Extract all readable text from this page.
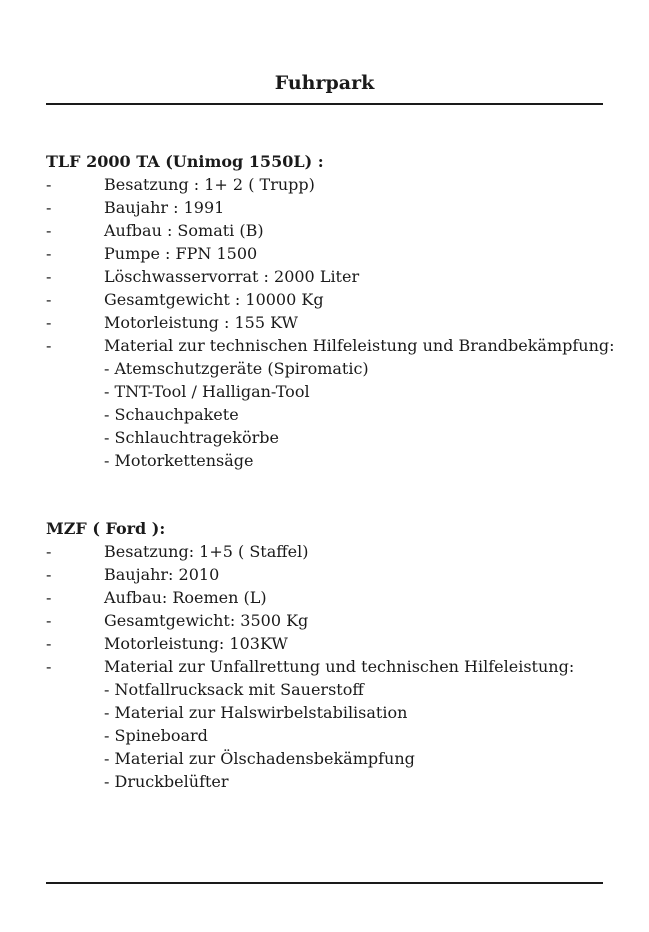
Fuhrpark
TLF 2000 TA (Unimog 1550L) :
-	Besatzung : 1+ 2 ( Trupp)
-	Baujahr : 1991
-	Aufbau : Somati (B)
-	Pumpe : FPN 1500
-	Löschwasservorrat : 2000 Liter
-	Gesamtgewicht : 10000 Kg
-	Motorleistung : 155 KW
-	Material zur technischen Hilfeleistung und Brandbekämpfung:
- Atemschutzgeräte (Spiromatic)
- TNT-Tool / Halligan-Tool
- Schauchpakete
- Schlauchtragekörbe
- Motorkettensäge
MZF ( Ford ):
-	Besatzung: 1+5 ( Staffel)
-	Baujahr: 2010
-	Aufbau: Roemen (L)
-	Gesamtgewicht: 3500 Kg
-	Motorleistung: 103KW
-	Material zur Unfallrettung und technischen Hilfeleistung:
- Notfallrucksack mit Sauerstoff
- Material zur Halswirbelstabilisation
- Spineboard
- Material zur Ölschadensbekämpfung
- Druckbelüfter
